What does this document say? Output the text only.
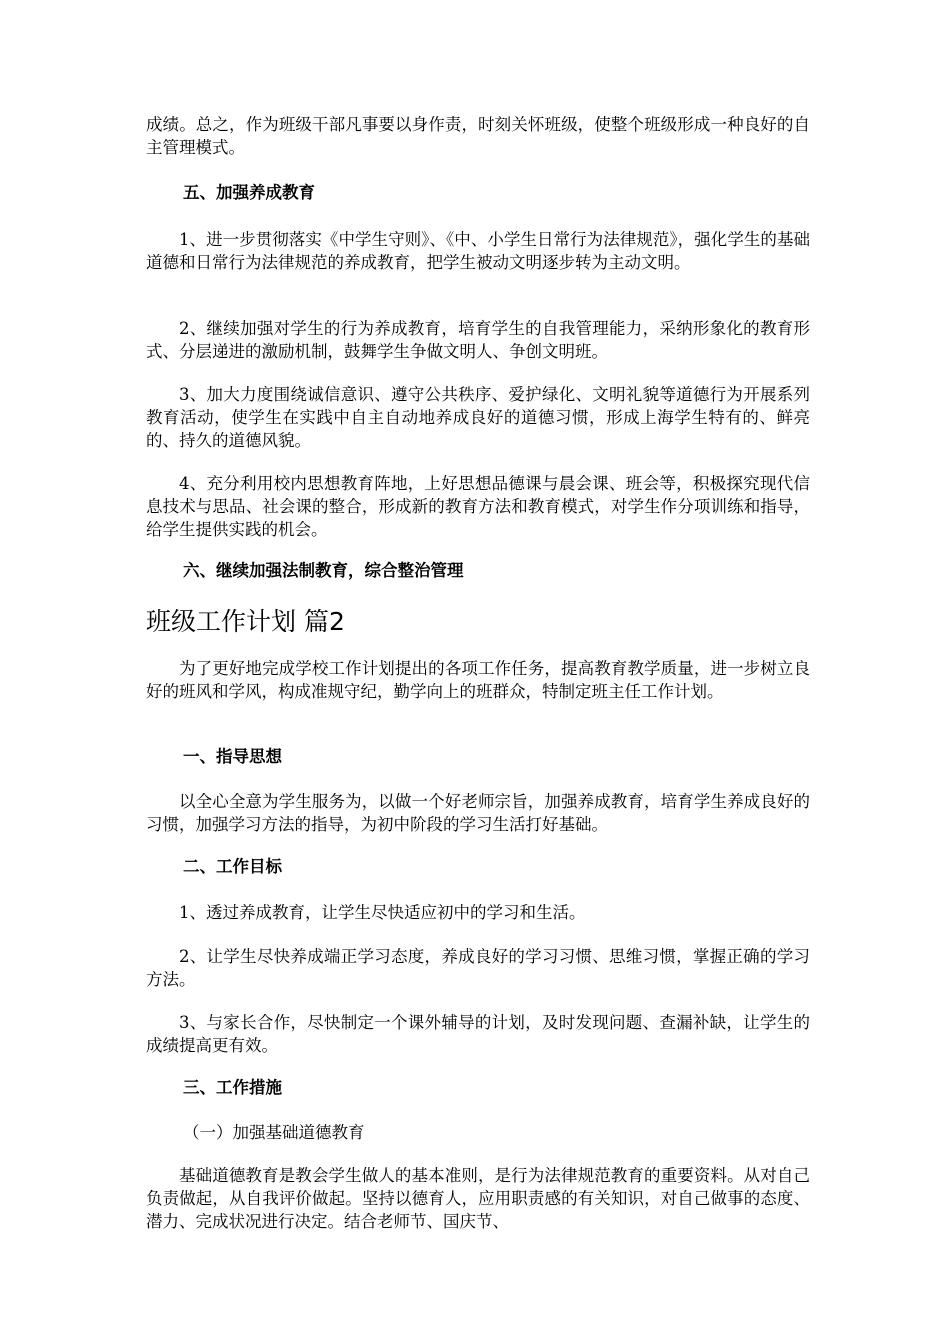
成绩。总之，作为班级干部凡事要以身作责，时刻关怀班级，使整个班级形成一种良好的自主管理模式。

五、加强养成教育

1、进一步贯彻落实《中学生守则》、《中、小学生日常行为法律规范》，强化学生的基础道德和日常行为法律规范的养成教育，把学生被动文明逐步转为主动文明。

2、继续加强对学生的行为养成教育，培育学生的自我管理能力，采纳形象化的教育形式、分层递进的激励机制，鼓舞学生争做文明人、争创文明班。

3、加大力度围绕诚信意识、遵守公共秩序、爱护绿化、文明礼貌等道德行为开展系列教育活动，使学生在实践中自主自动地养成良好的道德习惯，形成上海学生特有的、鲜亮的、持久的道德风貌。

4、充分利用校内思想教育阵地，上好思想品德课与晨会课、班会等，积极探究现代信息技术与思品、社会课的整合，形成新的教育方法和教育模式，对学生作分项训练和指导，给学生提供实践的机会。

六、继续加强法制教育，综合整治管理

班级工作计划 篇2

为了更好地完成学校工作计划提出的各项工作任务，提高教育教学质量，进一步树立良好的班风和学风，构成准规守纪，勤学向上的班群众，特制定班主任工作计划。

一、指导思想

以全心全意为学生服务为，以做一个好老师宗旨，加强养成教育，培育学生养成良好的习惯，加强学习方法的指导，为初中阶段的学习生活打好基础。

二、工作目标

1、透过养成教育，让学生尽快适应初中的学习和生活。

2、让学生尽快养成端正学习态度，养成良好的学习习惯、思维习惯，掌握正确的学习方法。

3、与家长合作，尽快制定一个课外辅导的计划，及时发现问题、查漏补缺，让学生的成绩提高更有效。

三、工作措施

（一）加强基础道德教育

基础道德教育是教会学生做人的基本准则，是行为法律规范教育的重要资料。从对自己负责做起，从自我评价做起。坚持以德育人，应用职责感的有关知识，对自己做事的态度、潜力、完成状况进行决定。结合老师节、国庆节、
